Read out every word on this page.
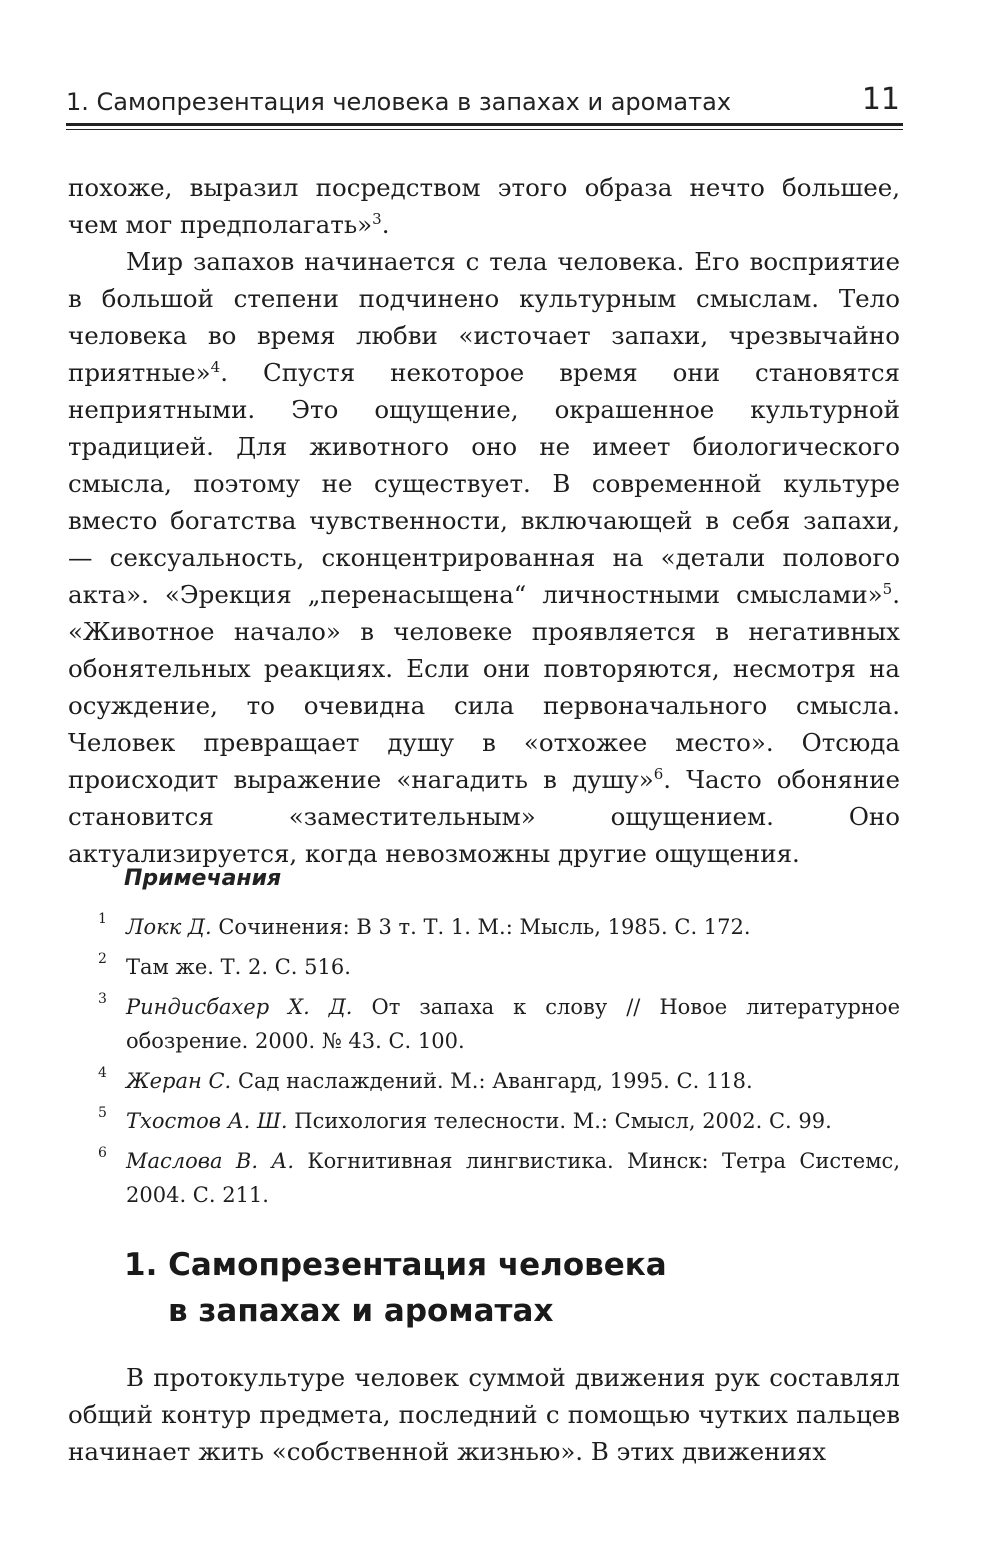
1. Самопрезентация человека в запахах и ароматах	11

похоже, выразил посредством этого образа нечто большее, чем мог предполагать»$^3$.

Мир запахов начинается с тела человека. Его восприятие в большой степени подчинено культурным смыслам. Тело человека во время любви «источает запахи, чрезвычайно приятные»$^4$. Спустя некоторое время они становятся неприятными. Это ощущение, окрашенное культурной традицией. Для животного оно не имеет биологического смысла, поэтому не существует. В современной культуре вместо богатства чувственности, включающей в себя запахи, — сексуальность, сконцентрированная на «детали полового акта». «Эрекция „перенасыщена“ личностными смыслами»$^5$. «Животное начало» в человеке проявляется в негативных обонятельных реакциях. Если они повторяются, несмотря на осуждение, то очевидна сила первоначального смысла. Человек превращает душу в «отхожее место». Отсюда происходит выражение «нагадить в душу»$^6$. Часто обоняние становится «заместительным» ощущением. Оно актуализируется, когда невозможны другие ощущения.

Примечания
1 Локк Д. Сочинения: В 3 т. Т. 1. М.: Мысль, 1985. С. 172.
2 Там же. Т. 2. С. 516.
3 Риндисбахер Х. Д. От запаха к слову // Новое литературное обозрение. 2000. № 43. С. 100.
4 Жеран С. Сад наслаждений. М.: Авангард, 1995. С. 118.
5 Тхостов А. Ш. Психология телесности. М.: Смысл, 2002. С. 99.
6 Маслова В. А. Когнитивная лингвистика. Минск: Тетра Системс, 2004. С. 211.
1. Самопрезентация человека
в запахах и ароматах

В протокультуре человек суммой движения рук составлял общий контур предмета, последний с помощью чутких пальцев начинает жить «собственной жизнью». В этих движениях
